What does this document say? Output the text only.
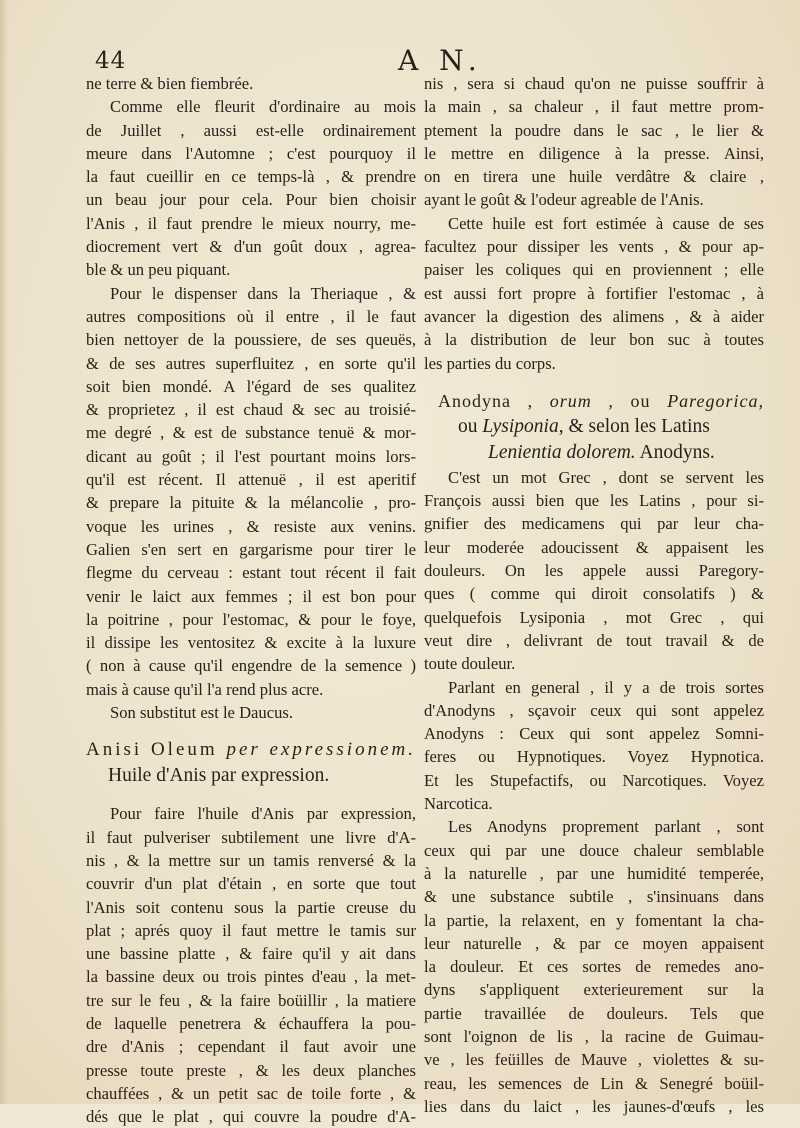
44	A N.
ne terre & bien fiembrée.
Comme elle fleurit d'ordinaire au mois
de Juillet , aussi est-elle ordinairement
meure dans l'Automne ; c'est pourquoy il
la faut cueillir en ce temps-là , & prendre
un beau jour pour cela. Pour bien choisir
l'Anis , il faut prendre le mieux nourry, me-
diocrement vert & d'un goût doux , agrea-
ble & un peu piquant.
Pour le dispenser dans la Theriaque , &
autres compositions où il entre , il le faut
bien nettoyer de la poussiere, de ses queuës,
& de ses autres superfluitez , en sorte qu'il
soit bien mondé. A l'égard de ses qualitez
& proprietez , il est chaud & sec au troisié-
me degré , & est de substance tenuë & mor-
dicant au goût ; il l'est pourtant moins lors-
qu'il est récent. Il attenuë , il est aperitif
& prepare la pituite & la mélancolie , pro-
voque les urines , & resiste aux venins.
Galien s'en sert en gargarisme pour tirer le
flegme du cerveau : estant tout récent il fait
venir le laict aux femmes ; il est bon pour
la poitrine , pour l'estomac, & pour le foye,
il dissipe les ventositez & excite à la luxure
( non à cause qu'il engendre de la semence )
mais à cause qu'il l'a rend plus acre.
Son substitut est le Daucus.
Anisi Oleum per expressionem.
Huile d'Anis par expression.
Pour faire l'huile d'Anis par expression,
il faut pulveriser subtilement une livre d'A-
nis , & la mettre sur un tamis renversé & la
couvrir d'un plat d'étain , en sorte que tout
l'Anis soit contenu sous la partie creuse du
plat ; aprés quoy il faut mettre le tamis sur
une bassine platte , & faire qu'il y ait dans
la bassine deux ou trois pintes d'eau , la met-
tre sur le feu , & la faire boüillir , la matiere
de laquelle penetrera & échauffera la pou-
dre d'Anis ; cependant il faut avoir une
presse toute preste , & les deux planches
chauffées , & un petit sac de toile forte , &
dés que le plat , qui couvre la poudre d'A-
nis , sera si chaud qu'on ne puisse souffrir à
la main , sa chaleur , il faut mettre prom-
ptement la poudre dans le sac , le lier &
le mettre en diligence à la presse. Ainsi,
on en tirera une huile verdâtre & claire ,
ayant le goût & l'odeur agreable de l'Anis.
Cette huile est fort estimée à cause de ses
facultez pour dissiper les vents , & pour ap-
paiser les coliques qui en proviennent ; elle
est aussi fort propre à fortifier l'estomac , à
avancer la digestion des alimens , & à aider
à la distribution de leur bon suc à toutes
les parties du corps.
Anodyna , orum , ou Paregorica,
ou Lysiponia, & selon les Latins
Lenientia dolorem. Anodyns.
C'est un mot Grec , dont se servent les
François aussi bien que les Latins , pour si-
gnifier des medicamens qui par leur cha-
leur moderée adoucissent & appaisent les
douleurs. On les appele aussi Paregory-
ques ( comme qui diroit consolatifs ) &
quelquefois Lysiponia , mot Grec , qui
veut dire , delivrant de tout travail & de
toute douleur.
Parlant en general , il y a de trois sortes
d'Anodyns , sçavoir ceux qui sont appelez
Anodyns : Ceux qui sont appelez Somni-
feres ou Hypnotiques. Voyez Hypnotica.
Et les Stupefactifs, ou Narcotiques. Voyez
Narcotica.
Les Anodyns proprement parlant , sont
ceux qui par une douce chaleur semblable
à la naturelle , par une humidité temperée,
& une substance subtile , s'insinuans dans
la partie, la relaxent, en y fomentant la cha-
leur naturelle , & par ce moyen appaisent
la douleur. Et ces sortes de remedes ano-
dyns s'appliquent exterieurement sur la
partie travaillée de douleurs. Tels que
sont l'oignon de lis , la racine de Guimau-
ve , les feüilles de Mauve , violettes & su-
reau, les semences de Lin & Senegré boüil-
lies dans du laict , les jaunes-d'œufs , les
